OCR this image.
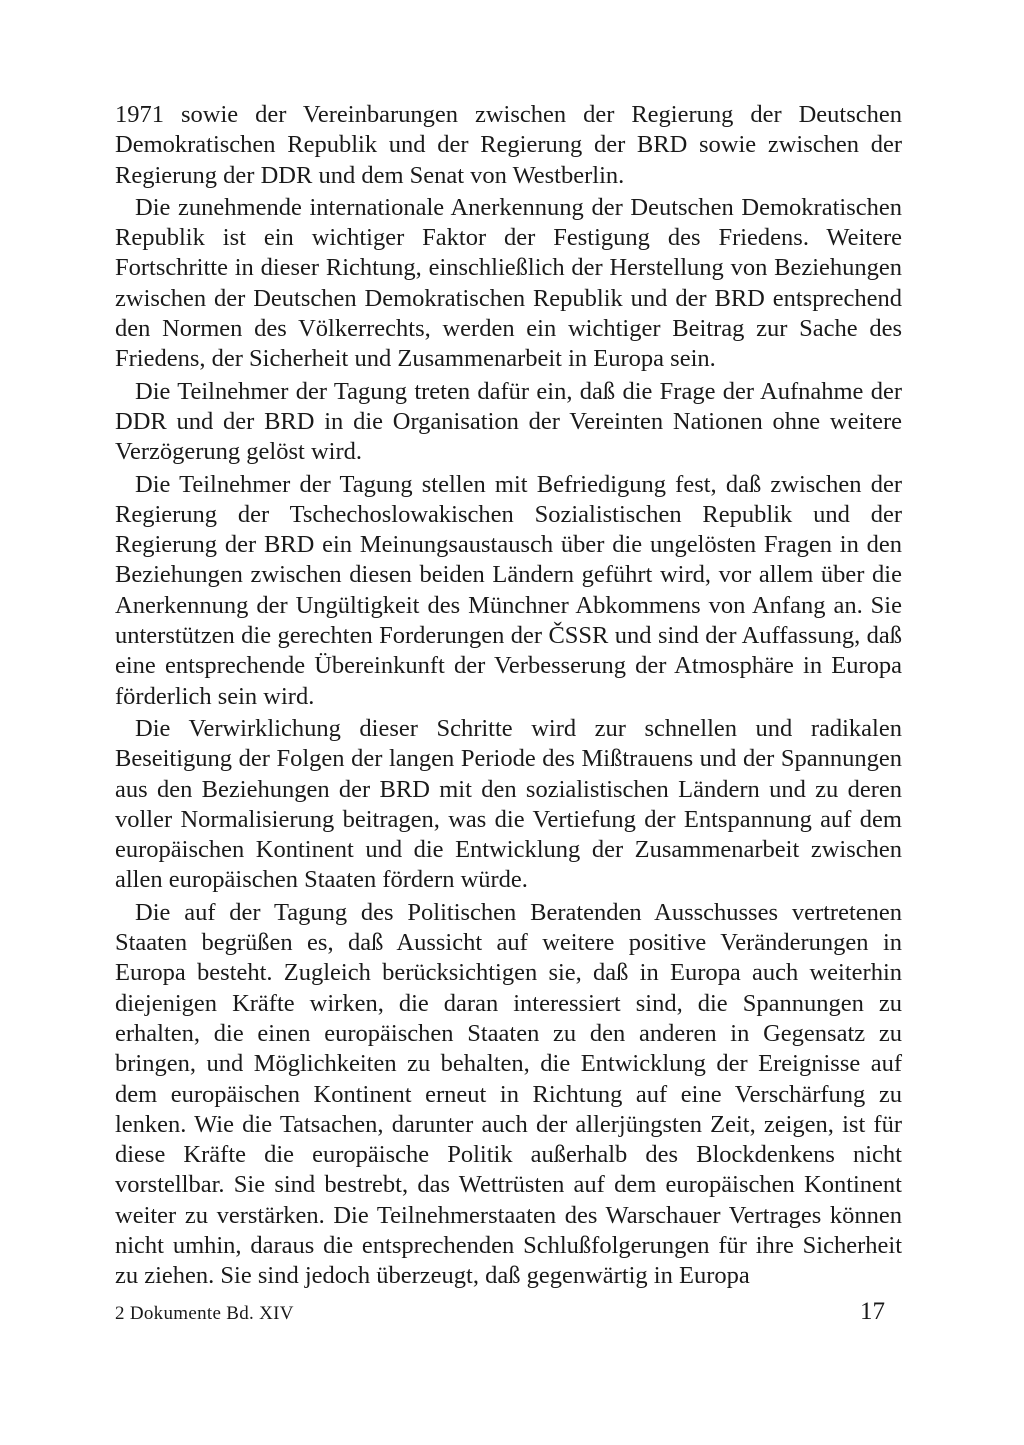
1971 sowie der Vereinbarungen zwischen der Regierung der Deutschen Demokratischen Republik und der Regierung der BRD sowie zwischen der Regierung der DDR und dem Senat von Westberlin.

Die zunehmende internationale Anerkennung der Deutschen Demokratischen Republik ist ein wichtiger Faktor der Festigung des Friedens. Weitere Fortschritte in dieser Richtung, einschließlich der Herstellung von Beziehungen zwischen der Deutschen Demokratischen Republik und der BRD entsprechend den Normen des Völkerrechts, werden ein wichtiger Beitrag zur Sache des Friedens, der Sicherheit und Zusammenarbeit in Europa sein.

Die Teilnehmer der Tagung treten dafür ein, daß die Frage der Aufnahme der DDR und der BRD in die Organisation der Vereinten Nationen ohne weitere Verzögerung gelöst wird.

Die Teilnehmer der Tagung stellen mit Befriedigung fest, daß zwischen der Regierung der Tschechoslowakischen Sozialistischen Republik und der Regierung der BRD ein Meinungsaustausch über die ungelösten Fragen in den Beziehungen zwischen diesen beiden Ländern geführt wird, vor allem über die Anerkennung der Ungültigkeit des Münchner Abkommens von Anfang an. Sie unterstützen die gerechten Forderungen der ČSSR und sind der Auffassung, daß eine entsprechende Übereinkunft der Verbesserung der Atmosphäre in Europa förderlich sein wird.

Die Verwirklichung dieser Schritte wird zur schnellen und radikalen Beseitigung der Folgen der langen Periode des Mißtrauens und der Spannungen aus den Beziehungen der BRD mit den sozialistischen Ländern und zu deren voller Normalisierung beitragen, was die Vertiefung der Entspannung auf dem europäischen Kontinent und die Entwicklung der Zusammenarbeit zwischen allen europäischen Staaten fördern würde.

Die auf der Tagung des Politischen Beratenden Ausschusses vertretenen Staaten begrüßen es, daß Aussicht auf weitere positive Veränderungen in Europa besteht. Zugleich berücksichtigen sie, daß in Europa auch weiterhin diejenigen Kräfte wirken, die daran interessiert sind, die Spannungen zu erhalten, die einen europäischen Staaten zu den anderen in Gegensatz zu bringen, und Möglichkeiten zu behalten, die Entwicklung der Ereignisse auf dem europäischen Kontinent erneut in Richtung auf eine Verschärfung zu lenken. Wie die Tatsachen, darunter auch der allerjüngsten Zeit, zeigen, ist für diese Kräfte die europäische Politik außerhalb des Blockdenkens nicht vorstellbar. Sie sind bestrebt, das Wettrüsten auf dem europäischen Kontinent weiter zu verstärken. Die Teilnehmerstaaten des Warschauer Vertrages können nicht umhin, daraus die entsprechenden Schlußfolgerungen für ihre Sicherheit zu ziehen. Sie sind jedoch überzeugt, daß gegenwärtig in Europa

2 Dokumente Bd. XIV	17
